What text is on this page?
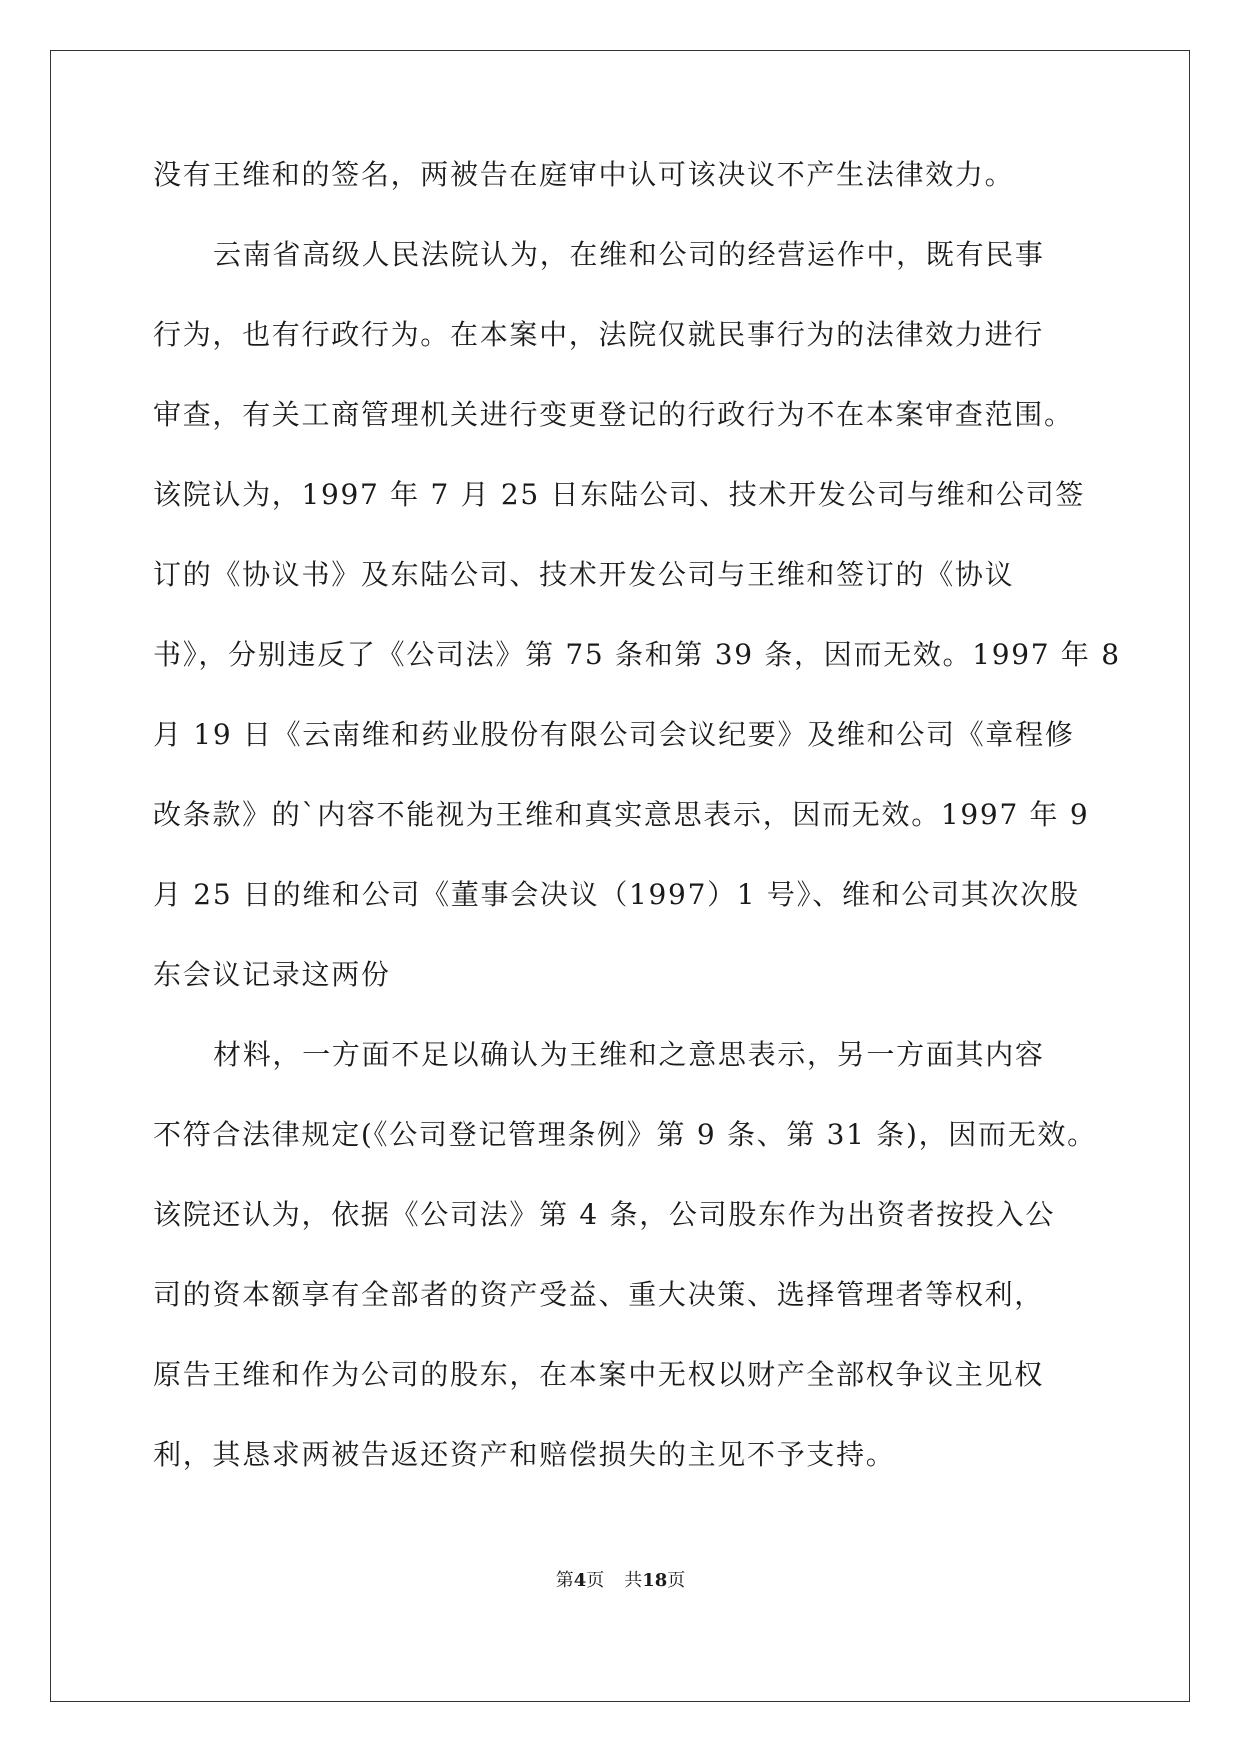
没有王维和的签名，两被告在庭审中认可该决议不产生法律效力。
云南省高级人民法院认为，在维和公司的经营运作中，既有民事
行为，也有行政行为。在本案中，法院仅就民事行为的法律效力进行
审查，有关工商管理机关进行变更登记的行政行为不在本案审查范围。
该院认为，1997 年 7 月 25 日东陆公司、技术开发公司与维和公司签
订的《协议书》及东陆公司、技术开发公司与王维和签订的《协议
书》，分别违反了《公司法》第 75 条和第 39 条，因而无效。1997 年 8
月 19 日《云南维和药业股份有限公司会议纪要》及维和公司《章程修
改条款》的`内容不能视为王维和真实意思表示，因而无效。1997 年 9
月 25 日的维和公司《董事会决议（1997）1 号》、维和公司其次次股
东会议记录这两份
材料，一方面不足以确认为王维和之意思表示，另一方面其内容
不符合法律规定(《公司登记管理条例》第 9 条、第 31 条)，因而无效。
该院还认为，依据《公司法》第 4 条，公司股东作为出资者按投入公
司的资本额享有全部者的资产受益、重大决策、选择管理者等权利，
原告王维和作为公司的股东，在本案中无权以财产全部权争议主见权
利，其恳求两被告返还资产和赔偿损失的主见不予支持。
第4页 共18页
